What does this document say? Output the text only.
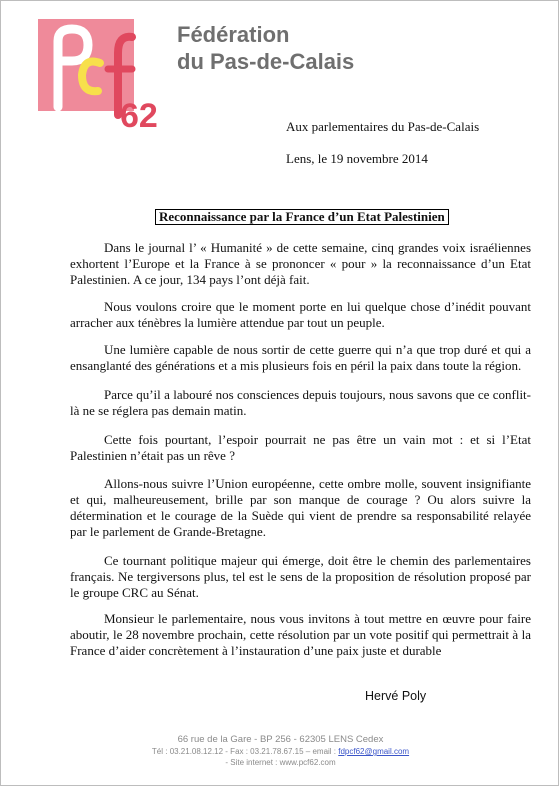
62
Fédération
du Pas-de-Calais
Aux parlementaires du Pas-de-Calais
Lens, le 19 novembre 2014
Reconnaissance par la France d’un Etat Palestinien
Dans le journal l’ « Humanité » de cette semaine, cinq grandes voix israéliennes exhortent l’Europe et la France à se prononcer « pour » la reconnaissance d’un Etat Palestinien. A ce jour, 134 pays l’ont déjà fait.
Nous voulons croire que le moment porte en lui quelque chose d’inédit pouvant arracher aux ténèbres la lumière attendue par tout un peuple.
Une lumière capable de nous sortir de cette guerre qui n’a que trop duré et qui a ensanglanté des générations et a mis plusieurs fois en péril la paix dans toute la région.
Parce qu’il a labouré nos consciences depuis toujours, nous savons que ce conflit-là ne se réglera pas demain matin.
Cette fois pourtant, l’espoir pourrait ne pas être un vain mot : et si l’Etat Palestinien n’était pas un rêve ?
Allons-nous suivre l’Union européenne, cette ombre molle, souvent insignifiante et qui, malheureusement, brille par son manque de courage ? Ou alors suivre la détermination et le courage de la Suède qui vient de prendre sa responsabilité relayée par le parlement de Grande-Bretagne.
Ce tournant politique majeur qui émerge, doit être le chemin des parlementaires français. Ne tergiversons plus, tel est le sens de la proposition de résolution proposé par le groupe CRC au Sénat.
Monsieur le parlementaire, nous vous invitons à tout mettre en œuvre pour faire aboutir, le 28 novembre prochain, cette résolution par un vote positif qui permettrait à la France d’aider concrètement à l’instauration d’une paix juste et durable
Hervé Poly
66 rue de la Gare - BP 256 - 62305 LENS Cedex
Tél : 03.21.08.12.12 - Fax : 03.21.78.67.15 – email : fdpcf62@gmail.com
- Site internet : www.pcf62.com
